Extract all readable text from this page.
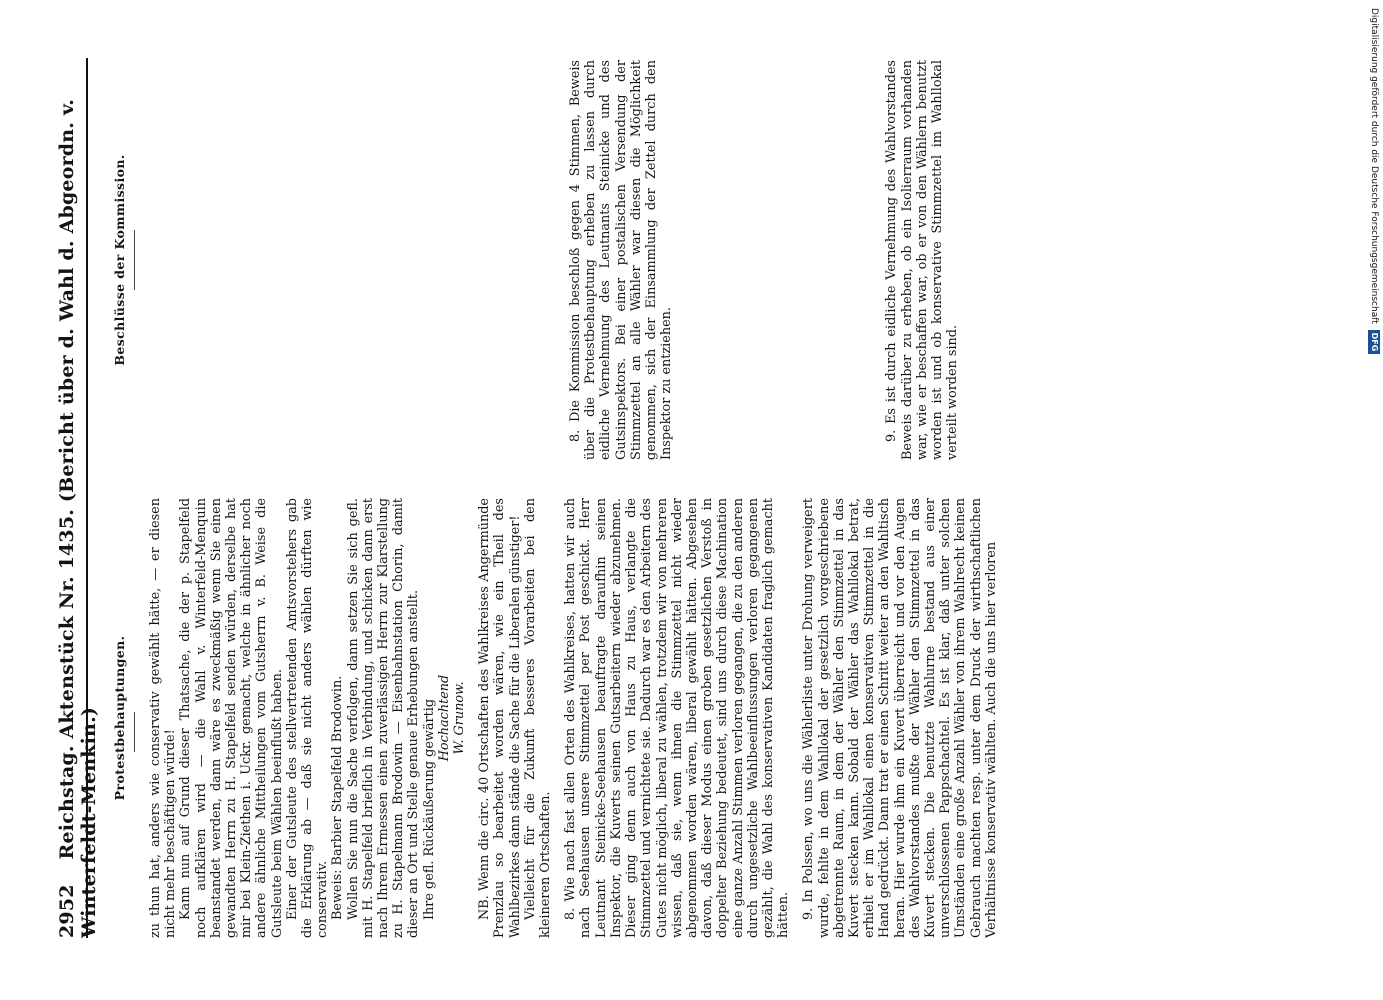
2952 Reichstag. Aktenstück Nr. 1435. (Bericht über d. Wahl d. Abgeordn. v. Winterfeldt-Menkin.) Protestbehauptungen.
Beschlüsse der Kommission.

zu thun hat, anders wie conservativ gewählt hätte, — er diesen nicht mehr beschäftigen würde! Kann nun auf Grund dieser Thatsache, die der p. Stapelfeld noch aufklären wird — die Wahl v. Winterfeld-Menquin beanstandet werden, dann wäre es zweckmäßig wenn Sie einen gewandten Herrn zu H. Stapelfeld senden würden, derselbe hat mir bei Klein-Ziethen i. Uckr. gemacht, welche in ähnlicher noch andere ähnliche Mittheilungen vom Gutsherrn v. B. Weise die Gutsleute beim Wählen beeinflußt haben. Einer der Gutsleute des stellvertretenden Amtsvorstehers gab die Erklärung ab — daß sie nicht anders wählen dürften wie conservativ. Beweis: Barbier Stapelfeld Brodowin. Wollen Sie nun die Sache verfolgen, dann setzen Sie sich gefl. mit H. Stapelfeld brieflich in Verbindung, und schicken dann erst nach Ihrem Ermessen einen zuverlässigen Herrn zur Klarstellung zu H. Stapelmann Brodowin — Eisenbahnstation Chorin, damit dieser an Ort und Stelle genaue Erhebungen anstellt. Ihre gefl. Rückäußerung gewärtig Hochachtend W. Grunow. NB. Wenn die circ. 40 Ortschaften des Wahlkreises Angermünde Prenzlau so bearbeitet worden wären, wie ein Theil des Wahlbezirkes dann stände die Sache für die Liberalen günstiger! Vielleicht für die Zukunft besseres Vorarbeiten bei den kleineren Ortschaften. 8. Wie nach fast allen Orten des Wahlkreises, hatten wir auch nach Seehausen unsere Stimmzettel per Post geschickt. Herr Leutnant Steinicke-Seehausen beauftragte daraufhin seinen Inspektor, die Kuverts seinen Gutsarbeitern wieder abzunehmen. Dieser ging denn auch von Haus zu Haus, verlangte die Stimmzettel und vernichtete sie. Dadurch war es den Arbeitern des Gutes nicht möglich, liberal zu wählen, trotzdem wir von mehreren wissen, daß sie, wenn ihnen die Stimmzettel nicht wieder abgenommen worden wären, liberal gewählt hätten. Abgesehen davon, daß dieser Modus einen groben gesetzlichen Verstoß in doppelter Beziehung bedeutet, sind uns durch diese Machination eine ganze Anzahl Stimmen verloren gegangen, die zu den anderen durch ungesetzliche Wahlbeeinflussungen verloren gegangenen gezählt, die Wahl des konservativen Kandidaten fraglich gemacht hätten. 9. In Polssen, wo uns die Wählerliste unter Drohung verweigert wurde, fehlte in dem Wahllokal der gesetzlich vorgeschriebene abgetrennte Raum, in dem der Wähler den Stimmzettel in das Kuvert stecken kann. Sobald der Wähler das Wahllokal betrat, erhielt er im Wahllokal einen konservativen Stimmzettel in die Hand gedrückt. Dann trat er einen Schritt weiter an den Wahltisch heran. Hier wurde ihm ein Kuvert überreicht und vor den Augen des Wahlvorstandes mußte der Wähler den Stimmzettel in das Kuvert stecken. Die benutzte Wahlurne bestand aus einer unverschlossenen Pappschachtel. Es ist klar, daß unter solchen Umständen eine große Anzahl Wähler von ihrem Wahlrecht keinen Gebrauch machten resp. unter dem Druck der wirthschaftlichen Verhältnisse konservativ wählten. Auch die uns hier verloren

8. Die Kommission beschloß gegen 4 Stimmen, Beweis über die Protestbehauptung erheben zu lassen durch eidliche Vernehmung des Leutnants Steinicke und des Gutsinspektors. Bei einer postalischen Versendung der Stimmzettel an alle Wähler war diesen die Möglichkeit genommen, sich der Einsammlung der Zettel durch den Inspektor zu entziehen.	9. Es ist durch eidliche Vernehmung des Wahlvorstandes Beweis darüber zu erheben, ob ein Isolierraum vorhanden war, wie er beschaffen war, ob er von den Wählern benutzt worden ist und ob konservative Stimmzettel im Wahllokal verteilt worden sind.

Digitalisierung gefördert durch die Deutsche Forschungsgemeinschaft DFG
